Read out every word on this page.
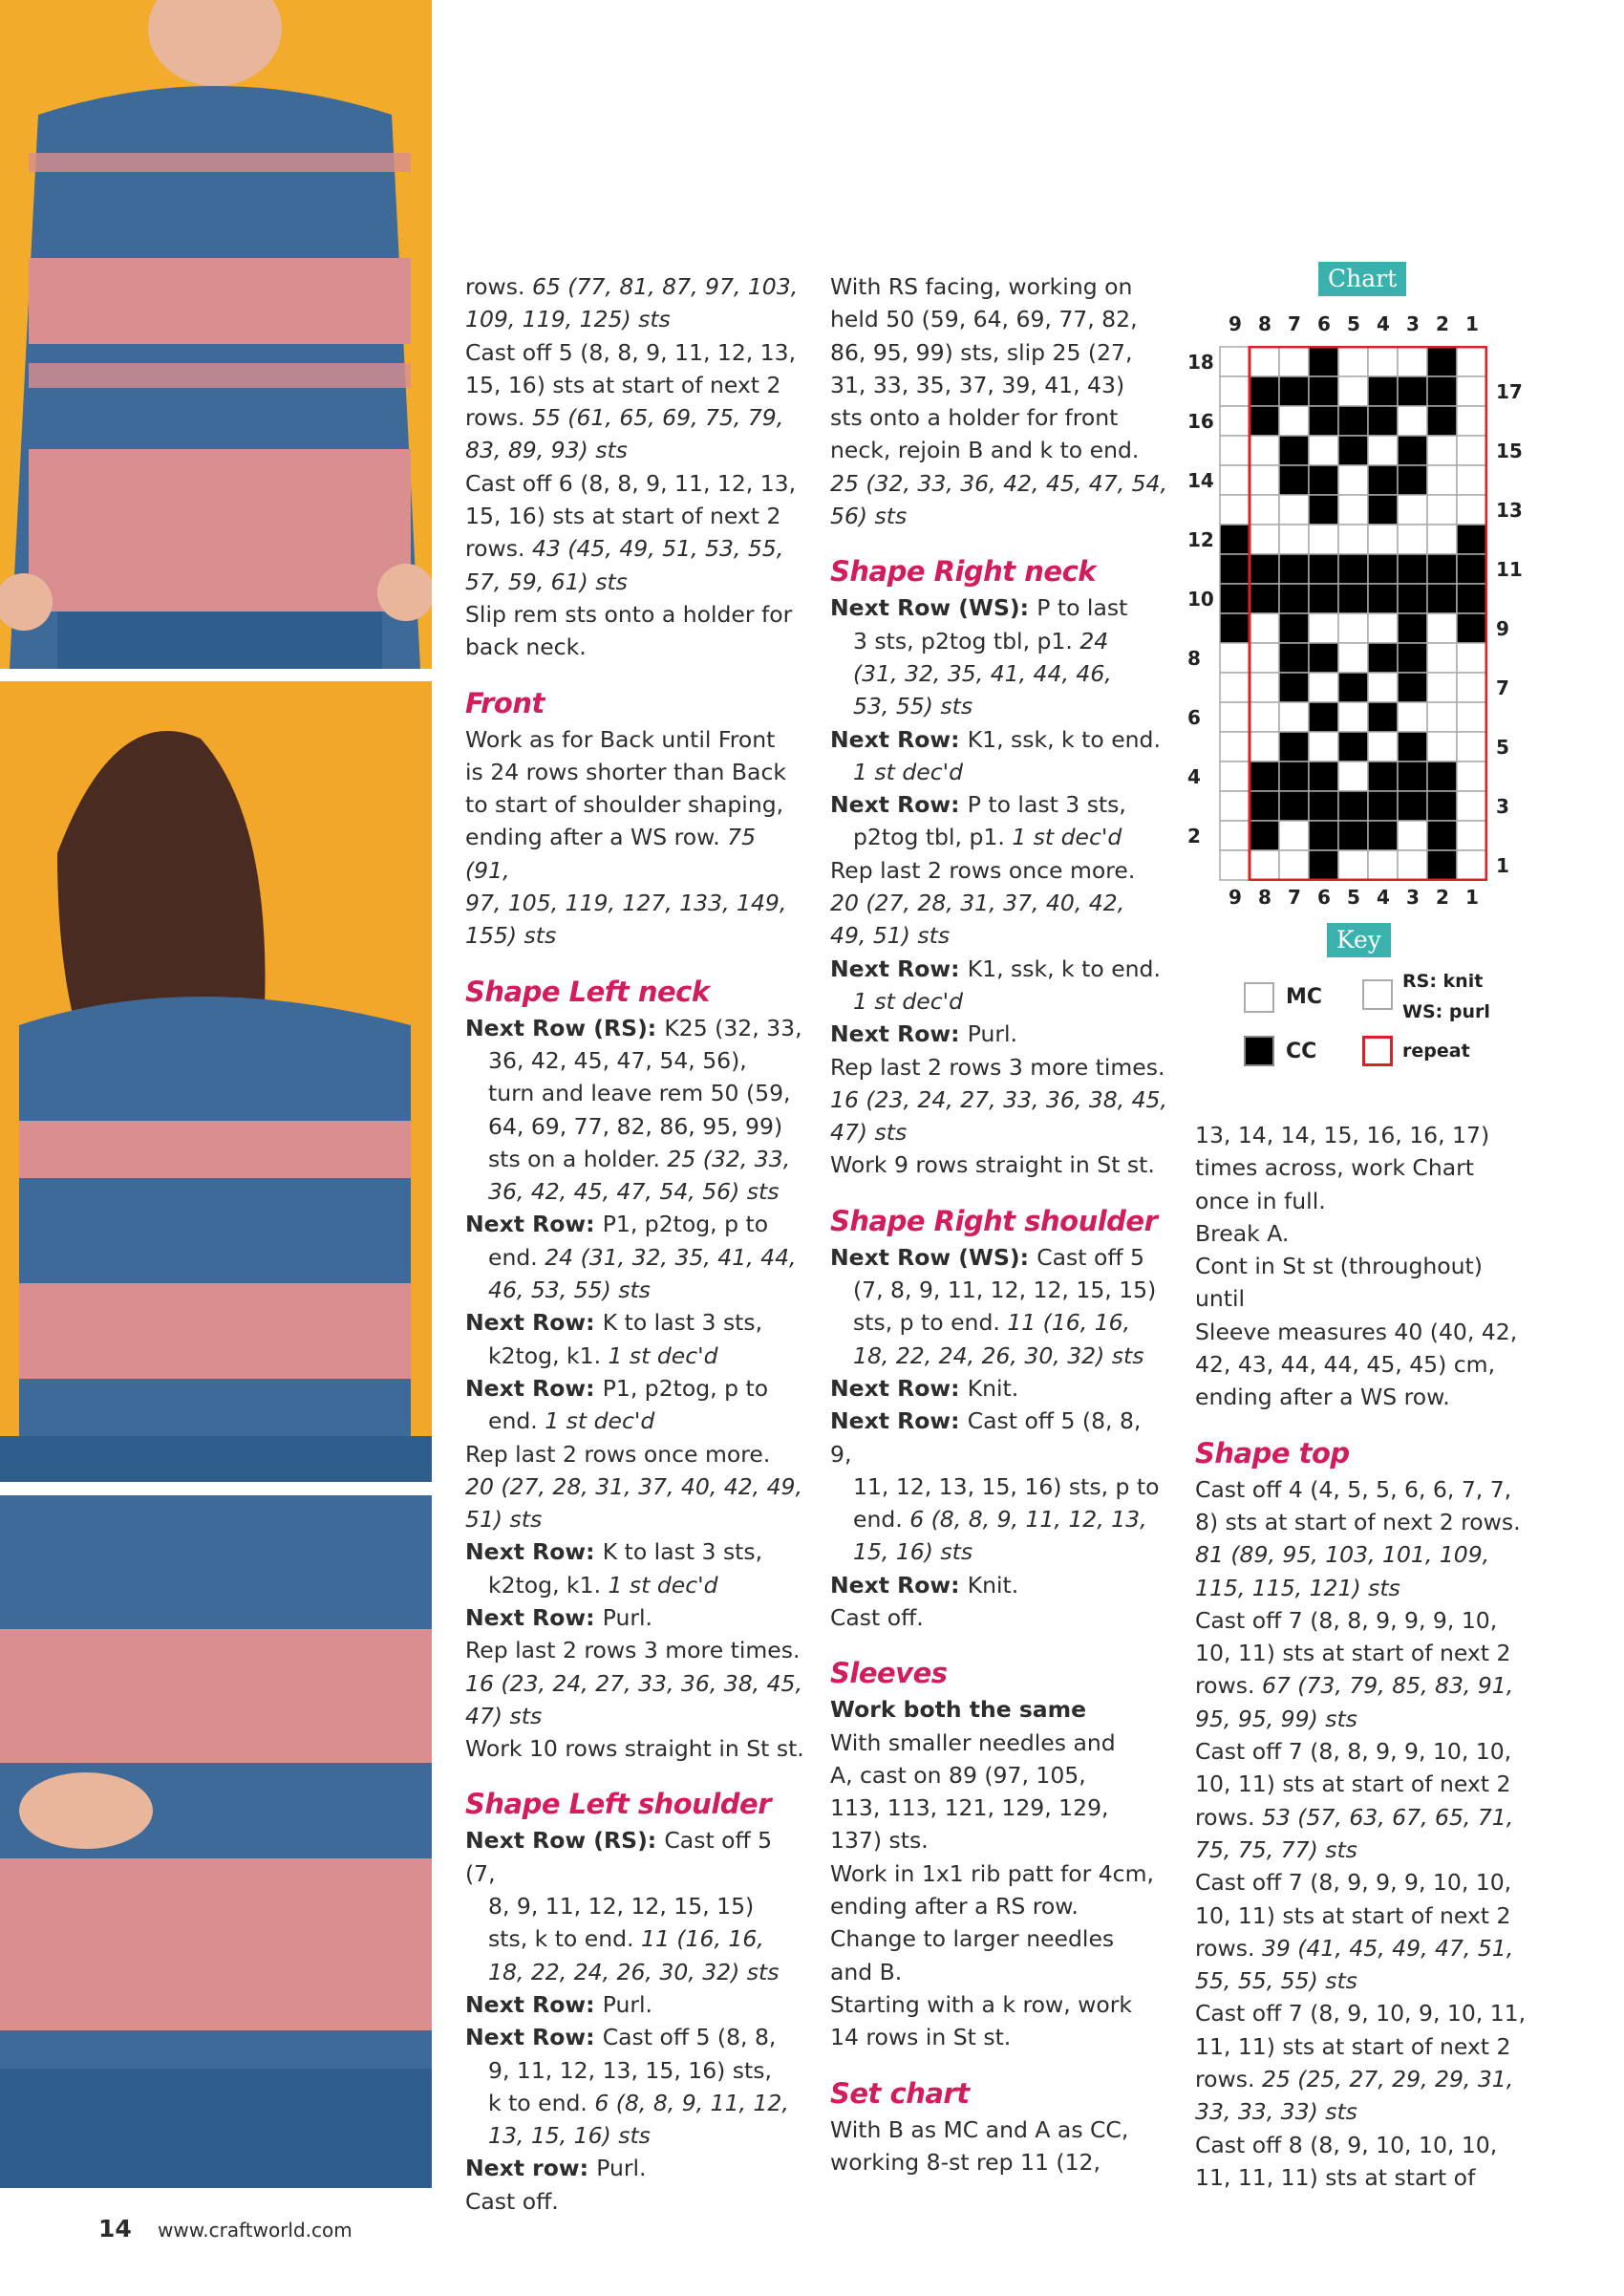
rows. 65 (77, 81, 87, 97, 103,

109, 119, 125) sts

Cast off 5 (8, 8, 9, 11, 12, 13,

15, 16) sts at start of next 2

rows. 55 (61, 65, 69, 75, 79,

83, 89, 93) sts

Cast off 6 (8, 8, 9, 11, 12, 13,

15, 16) sts at start of next 2

rows. 43 (45, 49, 51, 53, 55,

57, 59, 61) sts

Slip rem sts onto a holder for

back neck.

Front

Work as for Back until Front

is 24 rows shorter than Back

to start of shoulder shaping,

ending after a WS row. 75 (91,

97, 105, 119, 127, 133, 149,

155) sts

Shape Left neck

Next Row (RS): K25 (32, 33,

36, 42, 45, 47, 54, 56),

turn and leave rem 50 (59,

64, 69, 77, 82, 86, 95, 99)

sts on a holder. 25 (32, 33,

36, 42, 45, 47, 54, 56) sts

Next Row: P1, p2tog, p to

end. 24 (31, 32, 35, 41, 44,

46, 53, 55) sts

Next Row: K to last 3 sts,

k2tog, k1. 1 st dec'd

Next Row: P1, p2tog, p to

end. 1 st dec'd

Rep last 2 rows once more.

20 (27, 28, 31, 37, 40, 42, 49,

51) sts

Next Row: K to last 3 sts,

k2tog, k1. 1 st dec'd

Next Row: Purl.

Rep last 2 rows 3 more times.

16 (23, 24, 27, 33, 36, 38, 45,

47) sts

Work 10 rows straight in St st.

Shape Left shoulder

Next Row (RS): Cast off 5 (7,

8, 9, 11, 12, 12, 15, 15)

sts, k to end. 11 (16, 16,

18, 22, 24, 26, 30, 32) sts

Next Row: Purl.

Next Row: Cast off 5 (8, 8,

9, 11, 12, 13, 15, 16) sts,

k to end. 6 (8, 8, 9, 11, 12,

13, 15, 16) sts

Next row: Purl.

Cast off.

With RS facing, working on

held 50 (59, 64, 69, 77, 82,

86, 95, 99) sts, slip 25 (27,

31, 33, 35, 37, 39, 41, 43)

sts onto a holder for front

neck, rejoin B and k to end.

25 (32, 33, 36, 42, 45, 47, 54,

56) sts

Shape Right neck

Next Row (WS): P to last

3 sts, p2tog tbl, p1. 24

(31, 32, 35, 41, 44, 46,

53, 55) sts

Next Row: K1, ssk, k to end.

1 st dec'd

Next Row: P to last 3 sts,

p2tog tbl, p1. 1 st dec'd

Rep last 2 rows once more.

20 (27, 28, 31, 37, 40, 42,

49, 51) sts

Next Row: K1, ssk, k to end.

1 st dec'd

Next Row: Purl.

Rep last 2 rows 3 more times.

16 (23, 24, 27, 33, 36, 38, 45,

47) sts

Work 9 rows straight in St st.

Shape Right shoulder

Next Row (WS): Cast off 5

(7, 8, 9, 11, 12, 12, 15, 15)

sts, p to end. 11 (16, 16,

18, 22, 24, 26, 30, 32) sts

Next Row: Knit.

Next Row: Cast off 5 (8, 8, 9,

11, 12, 13, 15, 16) sts, p to

end. 6 (8, 8, 9, 11, 12, 13,

15, 16) sts

Next Row: Knit.

Cast off.

Sleeves

Work both the same

With smaller needles and

A, cast on 89 (97, 105,

113, 113, 121, 129, 129,

137) sts.

Work in 1x1 rib patt for 4cm,

ending after a RS row.

Change to larger needles

and B.

Starting with a k row, work

14 rows in St st.

Set chart

With B as MC and A as CC,

working 8-st rep 11 (12,

Chart
9
9
8
8
7
7
6
6
5
5
4
4
3
3
2
2
1
1
18
16
14
12
10
8
6
4
2
17
15
13
11
9
7
5
3
1
Key
MC
RS: knit
WS: purl
CC	repeat

13, 14, 14, 15, 16, 16, 17)

times across, work Chart

once in full.

Break A.

Cont in St st (throughout) until

Sleeve measures 40 (40, 42,

42, 43, 44, 44, 45, 45) cm,

ending after a WS row.

Shape top

Cast off 4 (4, 5, 5, 6, 6, 7, 7,

8) sts at start of next 2 rows.

81 (89, 95, 103, 101, 109,

115, 115, 121) sts

Cast off 7 (8, 8, 9, 9, 9, 10,

10, 11) sts at start of next 2

rows. 67 (73, 79, 85, 83, 91,

95, 95, 99) sts

Cast off 7 (8, 8, 9, 9, 10, 10,

10, 11) sts at start of next 2

rows. 53 (57, 63, 67, 65, 71,

75, 75, 77) sts

Cast off 7 (8, 9, 9, 9, 10, 10,

10, 11) sts at start of next 2

rows. 39 (41, 45, 49, 47, 51,

55, 55, 55) sts

Cast off 7 (8, 9, 10, 9, 10, 11,

11, 11) sts at start of next 2

rows. 25 (25, 27, 29, 29, 31,

33, 33, 33) sts

Cast off 8 (8, 9, 10, 10, 10,

11, 11, 11) sts at start of

14 www.craftworld.com
